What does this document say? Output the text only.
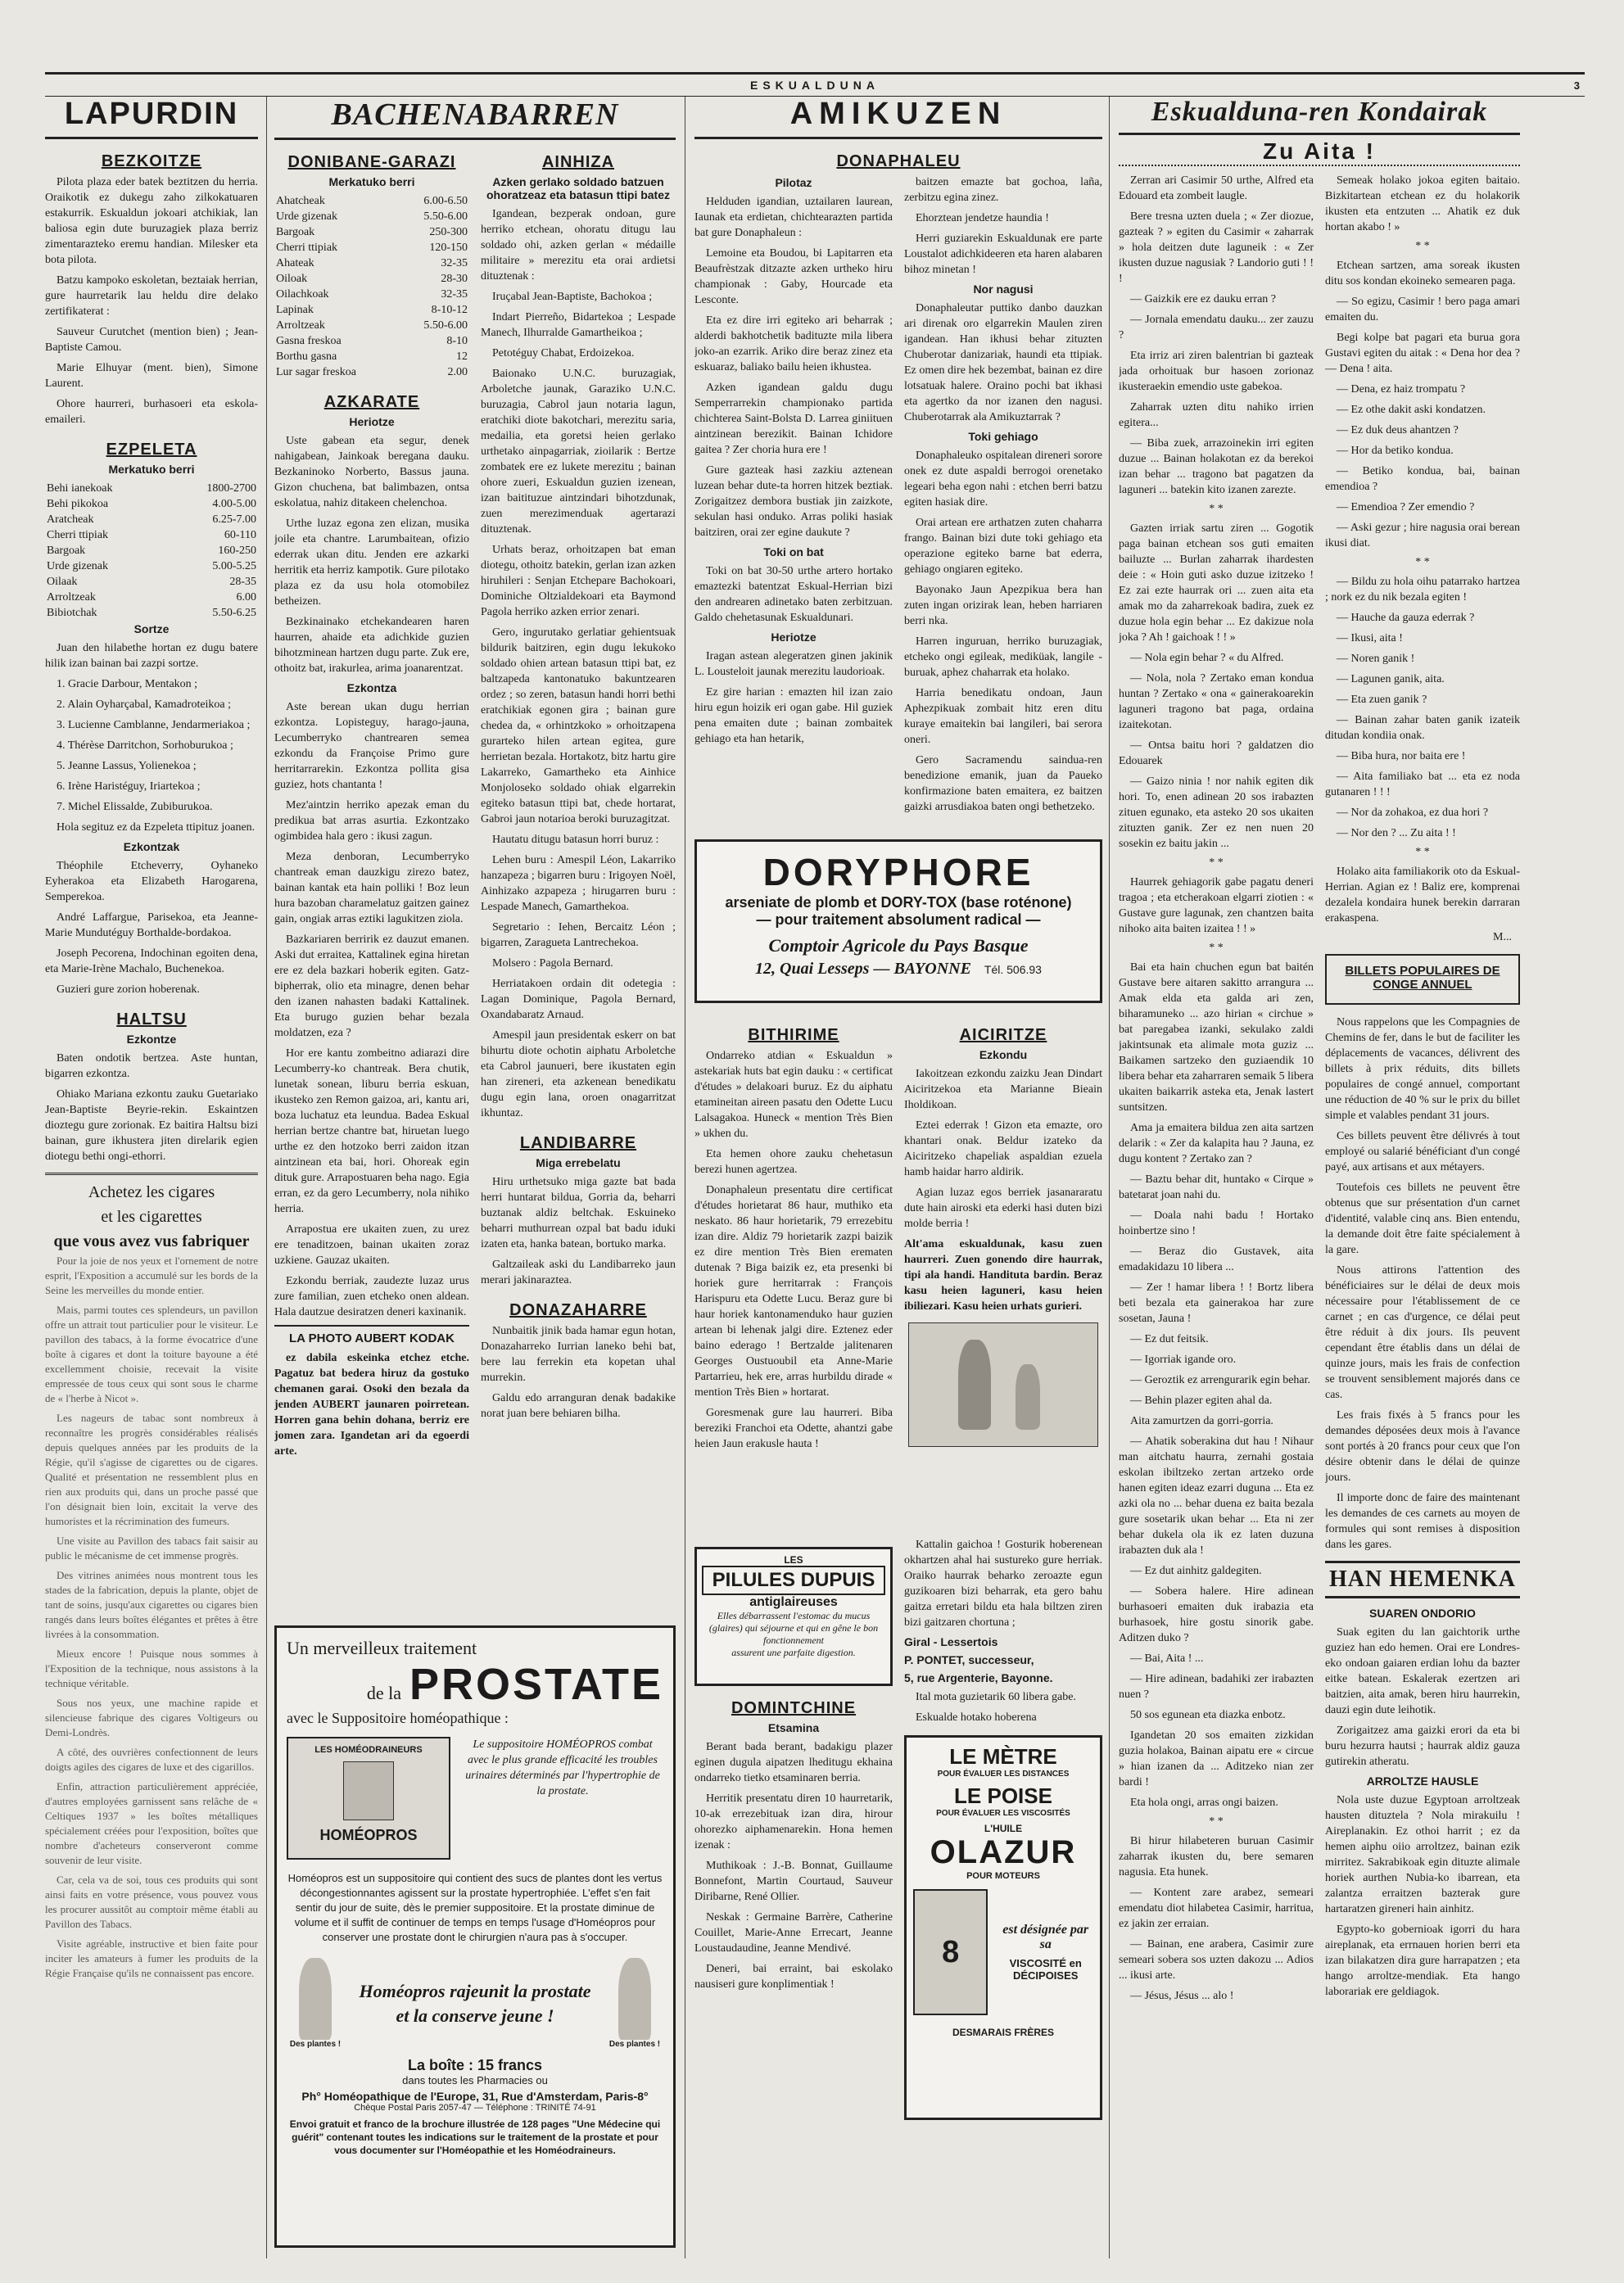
ESKUALDUNA	3
LAPURDIN
BEZKOITZE

Pilota plaza eder batek beztitzen du herria. Oraikotik ez dukegu zaho zilkokatuaren estakurrik. Eskualdun jokoari atchikiak, lan baliosa egin dute buruzagiek plaza berriz zimentarazteko eremu handian. Milesker eta bota pilota.

Batzu kampoko eskoletan, beztaiak herrian, gure haurretarik lau heldu dire delako zertifikaterat :

Sauveur Curutchet (mention bien) ; Jean-Baptiste Camou.

Marie Elhuyar (ment. bien), Simone Laurent.

Ohore haurreri, burhasoeri eta eskola-emaileri.

EZPELETA
Merkatuko berri
Behi ianekoak	1800-2700
Behi pikokoa	4.00-5.00
Aratcheak	6.25-7.00
Cherri ttipiak	60-110
Bargoak	160-250
Urde gizenak	5.00-5.25
Oilaak	28-35
Arroltzeak	6.00
Bibiotchak	5.50-6.25
Sortze

Juan den hilabethe hortan ez dugu batere hilik izan bainan bai zazpi sortze.

1. Gracie Darbour, Mentakon ;

2. Alain Oyharçabal, Kamadroteikoa ;

3. Lucienne Camblanne, Jendarmeriakoa ;

4. Thérèse Darritchon, Sorhoburukoa ;

5. Jeanne Lassus, Yolienekoa ;

6. Irène Haristéguy, Iriartekoa ;

7. Michel Elissalde, Zubiburukoa.

Hola segituz ez da Ezpeleta ttipituz joanen.

Ezkontzak

Théophile Etcheverry, Oyhaneko Eyherakoa eta Elizabeth Harogarena, Semperekoa.

André Laffargue, Parisekoa, eta Jeanne-Marie Mundutéguy Borthalde-bordakoa.

Joseph Pecorena, Indochinan egoiten dena, eta Marie-Irène Machalo, Buchenekoa.

Guzieri gure zorion hoberenak.

HALTSU
Ezkontze

Baten ondotik bertzea. Aste huntan, bigarren ezkontza.

Ohiako Mariana ezkontu zauku Guetariako Jean-Baptiste Beyrie-rekin. Eskaintzen dioztegu gure zorionak. Ez baitira Haltsu bizi bainan, gure ikhustera jiten direlarik egien diotegu bethi ongi-ethorri.

Achetez les cigares
et les cigarettes
que vous avez vus fabriquer
Pour la joie de nos yeux et l'ornement de notre esprit, l'Exposition a accumulé sur les bords de la Seine les merveilles du monde entier.
Mais, parmi toutes ces splendeurs, un pavillon offre un attrait tout particulier pour le visiteur. Le pavillon des tabacs, à la forme évocatrice d'une boîte à cigares et dont la toiture bayoune a été excellemment choisie, recevait la visite empressée de tous ceux qui sont sous le charme de « l'herbe à Nicot ».
Les nageurs de tabac sont nombreux à reconnaître les progrès considérables réalisés depuis quelques années par les produits de la Régie, qu'il s'agisse de cigarettes ou de cigares. Qualité et présentation ne ressemblent plus en rien aux produits qui, dans un proche passé que l'on désignait bien loin, excitait la verve des humoristes et la récrimination des fumeurs.
Une visite au Pavillon des tabacs fait saisir au public le mécanisme de cet immense progrès.
Des vitrines animées nous montrent tous les stades de la fabrication, depuis la plante, objet de tant de soins, jusqu'aux cigarettes ou cigares bien rangés dans leurs boîtes élégantes et prêtes à être livrées à la consommation.
Mieux encore ! Puisque nous sommes à l'Exposition de la technique, nous assistons à la technique véritable.
Sous nos yeux, une machine rapide et silencieuse fabrique des cigares Voltigeurs ou Demi-Londrès.
A côté, des ouvrières confectionnent de leurs doigts agiles des cigares de luxe et des cigarillos.
Enfin, attraction particulièrement appréciée, d'autres employées garnissent sans relâche de « Celtiques 1937 » les boîtes métalliques spécialement créées pour l'exposition, boîtes que nombre d'acheteurs conserveront comme souvenir de leur visite.
Car, cela va de soi, tous ces produits qui sont ainsi faits en votre présence, vous pouvez vous les procurer aussitôt au comptoir même établi au Pavillon des Tabacs.
Visite agréable, instructive et bien faite pour inciter les amateurs à fumer les produits de la Régie Française qu'ils ne connaissent pas encore.
BACHENABARREN
DONIBANE-GARAZI
Merkatuko berri
Ahatcheak	6.00-6.50
Urde gizenak	5.50-6.00
Bargoak	250-300
Cherri ttipiak	120-150
Ahateak	32-35
Oiloak	28-30
Oilachkoak	32-35
Lapinak	8-10-12
Arroltzeak	5.50-6.00
Gasna freskoa	8-10
Borthu gasna	12
Lur sagar freskoa	2.00
AZKARATE
Heriotze

Uste gabean eta segur, denek nahigabean, Jainkoak beregana dauku. Bezkaninoko Norberto, Bassus jauna. Gizon chuchena, bat balimbazen, ontsa eskolatua, nahiz ditakeen chelenchoa.

Urthe luzaz egona zen elizan, musika joile eta chantre. Larumbaitean, ofizio ederrak ukan ditu. Jenden ere azkarki herritik eta herriz kampotik. Gure pilotako plaza ez da usu hola otomobilez betheizen.

Bezkinainako etchekandearen haren haurren, ahaide eta adichkide guzien bihotzminean hartzen dugu parte. Zuk ere, othoitz bat, irakurlea, arima joanarentzat.

Ezkontza

Aste berean ukan dugu herrian ezkontza. Lopisteguy, harago-jauna, Lecumberryko chantrearen semea ezkondu da Françoise Primo gure herritarrarekin. Ezkontza pollita gisa guziez, hots chantanta !

Mez'aintzin herriko apezak eman du predikua bat arras asurtia. Ezkontzako ogimbidea hala gero : ikusi zagun.

Meza denboran, Lecumberryko chantreak eman dauzkigu zirezo batez, bainan kantak eta hain polliki ! Boz leun hura bazoban charamelatuz gaitzen gainez gain, ongiak arras eztiki lagukitzen ziola.

Bazkariaren berririk ez dauzut emanen. Aski dut erraitea, Kattalinek egina hiretan ere ez dela bazkari hoberik egiten. Gatz-bipherrak, olio eta minagre, denen behar den izanen nahasten badaki Kattalinek. Eta burugo guzien behar bezala moldatzen, eza ?

Hor ere kantu zombeitno adiarazi dire Lecumberry-ko chantreak. Bera chutik, lunetak sonean, liburu berria eskuan, ikusteko zen Remon gaizoa, ari, kantu ari, boza luchatuz eta leundua. Badea Eskual herrian bertze chantre bat, hiruetan luego urthe ez den hotzoko berri zaidon itzan aintzinean eta bai, hori. Ohoreak egin dituk gure. Arrapostuaren beha nago. Egia erran, ez da gero Lecumberry, nola nihiko herria.

Arrapostua ere ukaiten zuen, zu urez ere tenaditzoen, bainan ukaiten zoraz uzkiene. Gauzaz ukaiten.

Ezkondu berriak, zaudezte luzaz urus zure familian, zuen etcheko onen aldean. Hala dautzue desiratzen deneri kaxinanik.

LA PHOTO AUBERT KODAK

ez dabila eskeinka etchez etche. Pagatuz bat bedera hiruz da gostuko chemanen garai. Osoki den bezala da jenden AUBERT jaunaren poirretean. Horren gana behin dohana, berriz ere jomen zara. Igandetan ari da egoerdi arte.

AINHIZA
Azken gerlako soldado batzuen ohoratzeaz eta batasun ttipi batez

Igandean, bezperak ondoan, gure herriko etchean, ohoratu ditugu lau soldado ohi, azken gerlan « médaille militaire » merezitu eta orai ardietsi dituztenak :

Iruçabal Jean-Baptiste, Bachokoa ;

Indart Pierreño, Bidartekoa ; Lespade Manech, Ilhurralde Gamartheikoa ;

Petotéguy Chabat, Erdoizekoa.

Baionako U.N.C. buruzagiak, Arboletche jaunak, Garaziko U.N.C. buruzagia, Cabrol jaun notaria lagun, eratchiki diote bakotchari, merezitu saria, medailia, eta goretsi heien gerlako urthetako ainpagarriak, zioilarik : Bertze zombatek ere ez lukete merezitu ; bainan ohore zueri, Eskualdun guzien izenean, izan baitituzue aintzindari bihotzdunak, zuen merezimenduak agertarazi dituztenak.

Urhats beraz, orhoitzapen bat eman diotegu, othoitz batekin, gerlan izan azken hiruhileri : Senjan Etchepare Bachokoari, Dominiche Oltzialdekoari eta Baymond Pagola herriko azken errior zenari.

Gero, ingurutako gerlatiar gehientsuak bildurik baitziren, egin dugu lekukoko soldado ohien artean batasun ttipi bat, ez baltzapeda kantonatuko bakuntzearen ordez ; so zeren, batasun handi horri bethi eratchikiak egonen gira ; bainan gure chedea da, « orhintzkoko » orhoitzapena gurarteko hilen artean egitea, gure herrietan bezala. Hortakotz, bitz hartu gire Lakarreko, Gamartheko eta Ainhice Monjoloseko soldado ohiak elgarrekin egiteko batasun ttipi bat, chede hortarat, Gabroi jaun notarioa beroki buruzagitzat.

Hautatu ditugu batasun horri buruz :

Lehen buru : Amespil Léon, Lakarriko hanzapeza ; bigarren buru : Irigoyen Noël, Ainhizako azpapeza ; hirugarren buru : Lespade Manech, Gamarthekoa.

Segretario : Iehen, Bercaitz Léon ; bigarren, Zaragueta Lantrechekoa.

Molsero : Pagola Bernard.

Herriatakoen ordain dit odetegia : Lagan Dominique, Pagola Bernard, Oxandabaratz Arnaud.

Amespil jaun presidentak eskerr on bat bihurtu diote ochotin aiphatu Arboletche eta Cabrol jaunueri, bere ikustaten egin han zireneri, eta azkenean benedikatu dugu egin lana, oroen onagarritzat ikhuntaz.

LANDIBARRE
Miga errebelatu

Hiru urthetsuko miga gazte bat bada herri huntarat bildua, Gorria da, beharri buztanak aldiz beltchak. Eskuineko beharri muthurrean ozpal bat badu iduki izaten eta, hanka batean, bortuko marka.

Galtzaileak aski du Landibarreko jaun merari jakinaraztea.

DONAZAHARRE

Nunbaitik jinik bada hamar egun hotan, Donazaharreko Iurrian laneko behi bat, bere lau ferrekin eta kopetan uhal murrekin.

Galdu edo arranguran denak badakike norat juan bere behiaren bilha.

Un merveilleux traitement
de la PROSTATE
avec le Suppositoire homéopathique :
LES HOMÉODRAINEURS
HOMÉOPROS
Le suppositoire HOMÉOPROS combat avec le plus grande efficacité les troubles urinaires déterminés par l'hypertrophie de la prostate.
Homéopros est un suppositoire qui contient des sucs de plantes dont les vertus décongestionnantes agissent sur la prostate hypertrophiée. L'effet s'en fait sentir du jour de suite, dès le premier suppositoire. Et la prostate diminue de volume et il suffit de continuer de temps en temps l'usage d'Homéopros pour conserver une prostate dont le chirurgien n'aura pas à s'occuper.
Des plantes !
Homéopros rajeunit la prostate
et la conserve jeune !
Des plantes !
La boîte : 15 francs
dans toutes les Pharmacies ou
Ph° Homéopathique de l'Europe, 31, Rue d'Amsterdam, Paris-8°
Chèque Postal Paris 2057-47 — Téléphone : TRINITÉ 74-91
Envoi gratuit et franco de la brochure illustrée de 128 pages "Une Médecine qui guérit" contenant toutes les indications sur le traitement de la prostate et pour vous documenter sur l'Homéopathie et les Homéodraineurs.
AMIKUZEN
DONAPHALEU
Pilotaz

Helduden igandian, uztailaren laurean, Iaunak eta erdietan, chichtearazten partida bat gure Donaphaleun :

Lemoine eta Boudou, bi Lapitarren eta Beaufrèstzak ditzazte azken urtheko hiru championak : Gaby, Hourcade eta Lesconte.

Eta ez dire irri egiteko ari beharrak ; alderdi bakhotchetik badituzte mila libera joko-an ezarrik. Ariko dire beraz zinez eta eskuaraz, baliako bailu heien ikhustea.

Azken igandean galdu dugu Semperrarrekin championako partida chichterea Saint-Bolsta D. Larrea giniituen aintzinean berezikit. Bainan Ichidore gaitea ? Zer choria hura ere !

Gure gazteak hasi zazkiu aztenean luzean behar dute-ta horren hitzek beztiak. Zorigaitzez dembora bustiak jin zaizkote, sekulan hasi onduko. Arras poliki hasiak baitziren, orai zer egine daukute ?

Toki on bat

Toki on bat 30-50 urthe artero hortako emaztezki batentzat Eskual-Herrian bizi den andrearen adinetako baten zerbitzuan. Galdo chehetasunak Eskualdunari.

Heriotze

Iragan astean alegeratzen ginen jakinik L. Lousteloit jaunak merezitu laudorioak.

Ez gire harian : emazten hil izan zaio hiru egun hoizik eri ogan gabe. Hil guziek pena emaiten dute ; bainan zombaitek gehiago eta han hetarik,

baitzen emazte bat gochoa, laña, zerbitzu egina zinez.

Ehorztean jendetze haundia !

Herri guziarekin Eskualdunak ere parte Loustalot adichkideeren eta haren alabaren bihoz minetan !

Nor nagusi

Donaphaleutar puttiko danbo dauzkan ari direnak oro elgarrekin Maulen ziren igandean. Han ikhusi behar zituzten Chuberotar danizariak, haundi eta ttipiak. Ez omen dire hek bezembat, bainan ez dire lotsatuak halere. Oraino pochi bat ikhasi eta agertko da nor izanen den nagusi. Chuberotarrak ala Amikuztarrak ?

Toki gehiago

Donaphaleuko ospitalean direneri sorore onek ez dute aspaldi berrogoi orenetako legeari beha egon nahi : etchen berri batzu egiten hasiak dire.

Orai artean ere arthatzen zuten chaharra frango. Bainan bizi dute toki gehiago eta operazione egiteko barne bat ederra, gehiago ongiaren egiteko.

Bayonako Jaun Apezpikua bera han zuten ingan orizirak lean, heben harriaren berri nka.

Harren inguruan, herriko buruzagiak, etcheko ongi egileak, mediküak, langile - buruak, aphez chaharrak eta holako.

Harria benedikatu ondoan, Jaun Aphezpikuak zombait hitz eren ditu kuraye emaitekin bai langileri, bai serora oneri.

Gero Sacramendu saindua-ren benedizione emanik, juan da Paueko konfirmazione baten emaitera, ez baitzen gaizki arrusdiakoa baten ongi bethetzeko.

DORYPHORE
arseniate de plomb et DORY-TOX (base roténone)
— pour traitement absolument radical —
Comptoir Agricole du Pays Basque
12, Quai Lesseps — BAYONNE Tél. 506.93
BITHIRIME

Ondarreko atdian « Eskualdun » astekariak huts bat egin dauku : « certificat d'études » delakoari buruz. Ez du aiphatu etamineitan aireen pasatu den Odette Lucu Lalsagakoa. Huneck « mention Très Bien » ukhen du.

Eta hemen ohore zauku chehetasun berezi hunen agertzea.

Donaphaleun presentatu dire certificat d'études horietarat 86 haur, muthiko eta neskato. 86 haur horietarik, 79 errezebitu izan dire. Aldiz 79 horietarik zazpi baizik ez dire mention Très Bien erematen dutenak ? Biga baizik ez, eta presenki bi horiek gure herritarrak : François Harispuru eta Odette Lucu. Beraz gure bi haur horiek kantonamenduko haur guzien artean bi lehenak jalgi dire. Eztenez eder baino ederago ! Bertzalde jalitenaren Georges Oustuoubil eta Anne-Marie Partarrieu, hek ere, arras hurbildu dirade « mention Très Bien » hortarat.

Goresmenak gure lau haurreri. Biba bereziki Franchoi eta Odette, ahantzi gabe heien Jaun erakusle hauta !

AICIRITZE
Ezkondu

Iakoitzean ezkondu zaizku Jean Dindart Aiciritzekoa eta Marianne Bieain Iholdikoan.

Eztei ederrak ! Gizon eta emazte, oro khantari onak. Beldur izateko da Aiciritzeko chapeliak aspaldian ezuela hamb haidar harro aldirik.

Agian luzaz egos berriek jasanararatu dute hain airoski eta ederki hasi duten bizi molde berria !

Alt'ama eskualdunak, kasu zuen haurreri. Zuen gonendo dire haurrak, tipi ala handi. Handituta bardin. Beraz kasu heien laguneri, kasu heien ibiliezari. Kasu heien urhats gurieri.

LES
PILULES DUPUIS
antiglaireuses
Elles débarrassent l'estomac du mucus (glaires) qui séjourne et qui en gêne le bon fonctionnement
assurent une parfaite digestion.
DOMINTCHINE
Etsamina

Berant bada berant, badakigu plazer eginen dugula aipatzen lheditugu ekhaina ondarreko tietko etsaminaren berria.

Herritik presentatu diren 10 haurretarik, 10-ak errezebituak izan dira, hirour ohorezko aiphamenarekin. Hona hemen izenak :

Muthikoak : J.-B. Bonnat, Guillaume Bonnefont, Martin Courtaud, Sauveur Diribarne, René Ollier.

Neskak : Germaine Barrère, Catherine Couillet, Marie-Anne Errecart, Jeanne Loustaudaudine, Jeanne Mendivé.

Deneri, bai erraint, bai eskolako nausiseri gure konplimentiak !

Kattalin gaichoa ! Gosturik hoberenean okhartzen ahal hai sustureko gure herriak. Oraiko haurrak beharko zeroazte egun guzikoaren bizi beharrak, eta gero bahu gaitza erretari bildu eta hala biltzen ziren bizi gaitzaren chortuna ;

Giral - Lessertois
P. PONTET, successeur,
5, rue Argenterie, Bayonne.

Ital mota guzietarik 60 libera gabe.

Eskualde hotako hoberena

LE MÈTRE
POUR ÉVALUER LES DISTANCES
LE POISE
POUR ÉVALUER LES VISCOSITÉS
L'HUILE
OLAZUR
POUR MOTEURS
8
est désignée par sa
VISCOSITÉ en DÉCIPOISES
DESMARAIS FRÈRES
Eskualduna-ren Kondairak
Zu Aita !

Zerran ari Casimir 50 urthe, Alfred eta Edouard eta zombeit laugle.

Bere tresna uzten duela ; « Zer diozue, gazteak ? » egiten du Casimir « zaharrak » hola deitzen dute laguneik : « Zer ikusten duzue nagusiak ? Landorio guti ! ! !

— Gaizkik ere ez dauku erran ?

— Jornala emendatu dauku... zer zauzu ?

Eta irriz ari ziren balentrian bi gazteak jada orhoituak bur hasoen zorionaz ikusteraekin emendio uste gabekoa.

Zaharrak uzten ditu nahiko irrien egitera...

— Biba zuek, arrazoinekin irri egiten duzue ... Bainan holakotan ez da berekoi izan behar ... tragono bat pagatzen da laguneri ... batekin kito izanen zarezte.

* *

Gazten irriak sartu ziren ... Gogotik paga bainan etchean sos guti emaiten bailuzte ... Burlan zaharrak ihardesten deie : « Hoin guti asko duzue izitzeko ! Ez zai ezte haurrak ori ... zuen aita eta amak mo da zaharrekoak badira, zuek ez duzue hola egin behar ... Ez dakizue nola joka ? Ah ! gaichoak ! ! »

— Nola egin behar ? « du Alfred.

— Nola, nola ? Zertako eman kondua huntan ? Zertako « ona « gainerakoarekin laguneri tragono bat paga, ordaina izaitekotan.

— Ontsa baitu hori ? galdatzen dio Edouarek

— Gaizo ninia ! nor nahik egiten dik hori. To, enen adinean 20 sos irabazten zituen egunako, eta asteko 20 sos ukaiten zituzten ganik. Zer ez nen nuen 20 sosekin ez baitu jakin ...

* *

Haurrek gehiagorik gabe pagatu deneri tragoa ; eta etcherakoan elgarri ziotien : « Gustave gure lagunak, zen chantzen baita nihoko aita baiten izaitea ! ! »

* *

Bai eta hain chuchen egun bat baitén Gustave bere aitaren sakitto arrangura ... Amak elda eta galda ari zen, biharamuneko ... azo hirian « circhue » bat paregabea izanki, sekulako zaldi jakintsunak eta alimale mota guziz ... Baikamen sartzeko den guziaendik 10 libera behar eta zaharraren semaik 5 libera ukaiten baikarrik asteka eta, Jenak lastert suntsitzen.

Ama ja emaitera bildua zen aita sartzen delarik : « Zer da kalapita hau ? Jauna, ez dugu kontent ? Zertako zan ?

— Baztu behar dit, huntako « Cirque » batetarat joan nahi du.

— Doala nahi badu ! Hortako hoinbertze sino !

— Beraz dio Gustavek, aita emadakidazu 10 libera ...

— Zer ! hamar libera ! ! Bortz libera beti bezala eta gainerakoa har zure sosetan, Jauna !

— Ez dut feitsik.

— Igorriak igande oro.

— Geroztik ez arrengurarik egin behar.

— Behin plazer egiten ahal da.

Aita zamurtzen da gorri-gorria.

— Ahatik soberakina dut hau ! Nihaur man aitchatu haurra, zernahi gostaia eskolan ibiltzeko zertan artzeko orde hanen egiten ideaz ezarri duguna ... Eta ez azki ola no ... behar duena ez baita bezala gure sosetarik ukan behar ... Eta ni zer behar dukela ola ik ez laten duzuna irabazten duk ala !

— Ez dut ainhitz galdegiten.

— Sobera halere. Hire adinean burhasoeri emaiten duk irabazia eta burhasoek, hire gostu sinorik gabe. Aditzen duko ?

— Bai, Aita ! ...

— Hire adinean, badahiki zer irabazten nuen ?

50 sos egunean eta diazka enbotz.

Igandetan 20 sos emaiten zizkidan guzia holakoa, Bainan aipatu ere « circue » hian izanen da ... Aditzeko nian zer bardi !

Eta hola ongi, arras ongi baizen.

* *

Bi hirur hilabeteren buruan Casimir zaharrak ikusten du, bere semaren nagusia. Eta hunek.

— Kontent zare arabez, semeari emendatu diot hilabetea Casimir, harritua, ez jakin zer erraian.

— Bainan, ene arabera, Casimir zure semeari sobera sos uzten dakozu ... Adios ... ikusi arte.

— Jésus, Jésus ... alo !

Semeak holako jokoa egiten baitaio. Bizkitartean etchean ez du holakorik ikusten eta entzuten ... Ahatik ez duk hortan akabo ! »

* *

Etchean sartzen, ama soreak ikusten ditu sos kondan ekoineko semearen paga.

— So egizu, Casimir ! bero paga amari emaiten du.

Begi kolpe bat pagari eta burua gora Gustavi egiten du aitak : « Dena hor dea ? — Dena ! aita.

— Dena, ez haiz trompatu ?

— Ez othe dakit aski kondatzen.

— Ez duk deus ahantzen ?

— Hor da betiko kondua.

— Betiko kondua, bai, bainan emendioa ?

— Emendioa ? Zer emendio ?

— Aski gezur ; hire nagusia orai berean ikusi diat.

* *

— Bildu zu hola oihu patarrako hartzea ; nork ez du nik bezala egiten !

— Hauche da gauza ederrak ?

— Ikusi, aita !

— Noren ganik !

— Lagunen ganik, aita.

— Eta zuen ganik ?

— Bainan zahar baten ganik izateik ditudan kondiia onak.

— Biba hura, nor baita ere !

— Aita familiako bat ... eta ez noda gutanaren ! ! !

— Nor da zohakoa, ez dua hori ?

— Nor den ? ... Zu aita ! !

* *

Holako aita familiakorik oto da Eskual-Herrian. Agian ez ! Baliz ere, komprenai dezalela kondaira hunek berekin darraran erakaspena.

M...
BILLETS POPULAIRES DE CONGE ANNUEL

Nous rappelons que les Compagnies de Chemins de fer, dans le but de faciliter les déplacements de vacances, délivrent des billets à prix réduits, dits billets populaires de congé annuel, comportant une réduction de 40 % sur le prix du billet simple et valables pendant 31 jours.

Ces billets peuvent être délivrés à tout employé ou salarié bénéficiant d'un congé payé, aux artisans et aux métayers.

Toutefois ces billets ne peuvent être obtenus que sur présentation d'un carnet d'identité, valable cinq ans. Bien entendu, la demande doit être faite spécialement à la gare.

Nous attirons l'attention des bénéficiaires sur le délai de deux mois nécessaire pour l'établissement de ce carnet ; en cas d'urgence, ce délai peut être réduit à dix jours. Ils peuvent cependant être établis dans un délai de quinze jours, mais les frais de confection se trouvent sensiblement majorés dans ce cas.

Les frais fixés à 5 francs pour les demandes déposées deux mois à l'avance sont portés à 20 francs pour ceux que l'on désire obtenir dans le délai de quinze jours.

Il importe donc de faire des maintenant les demandes de ces carnets au moyen de formules qui sont remises à disposition dans les gares.

HAN HEMENKA
SUAREN ONDORIO

Suak egiten du lan gaichtorik urthe guziez han edo hemen. Orai ere Londres-eko ondoan gaiaren erdian lohu da bazter eitke batean. Eskalerak ezertzen ari baitzien, aita amak, beren hiru haurrekin, dauzi egin dute leihotik.

Zorigaitzez ama gaizki erori da eta bi buru hezurra hautsi ; haurrak aldiz gauza gutirekin atheratu.

ARROLTZE HAUSLE

Nola uste duzue Egyptoan arroltzeak hausten dituztela ? Nola mirakuilu ! Aireplanakin. Ez othoi harrit ; ez da hemen aiphu oiio arroltzez, bainan ezik mirritez. Sakrabikoak egin dituzte alimale horiek aurthen Nubia-ko ibarrean, eta zalantza erraitzen bazterak gure hartaratzen gireneri hain ainhitz.

Egypto-ko gobernioak igorri du hara aireplanak, eta errnauen horien berri eta izan bilakatzen dira gure harrapatzen ; eta hango arroltze-mendiak. Eta hango laborariak ere geldiagok.
